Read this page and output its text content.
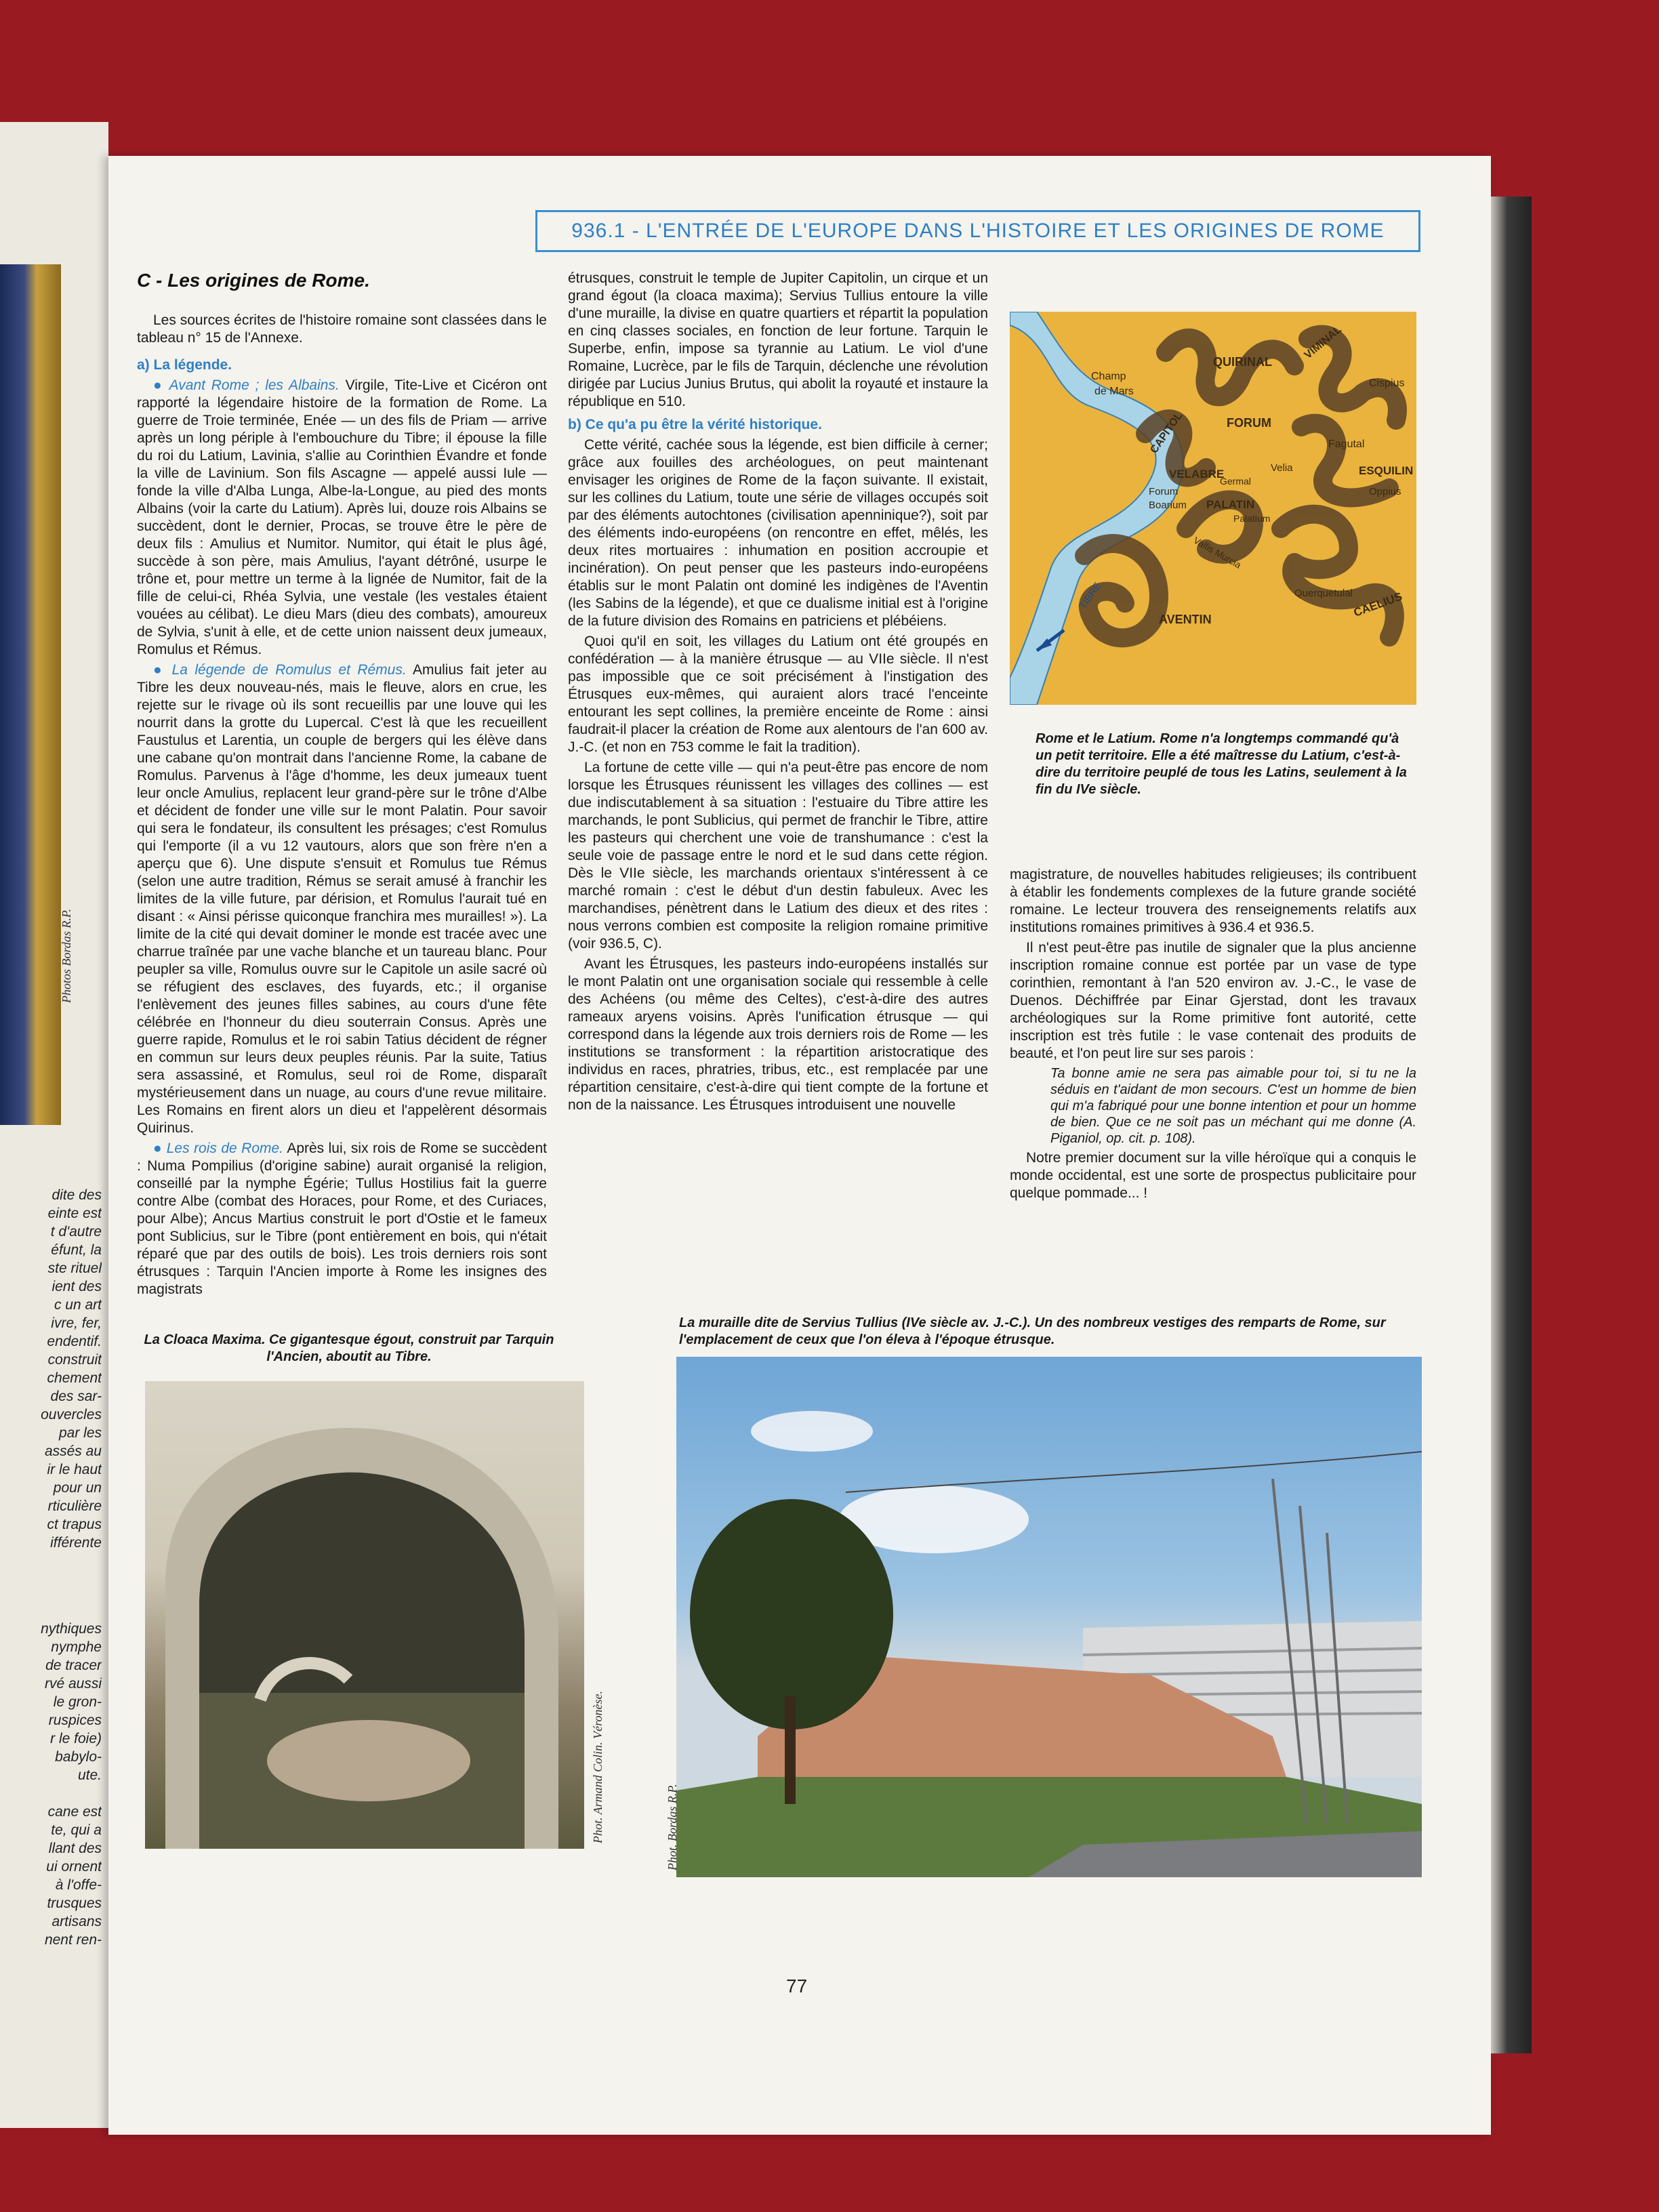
Photos Bordas R.P.
dite des
einte est
t d'autre
éfunt, la
ste rituel
ient des
c un art
ivre, fer,
endentif.
construit
chement
des sar-
ouvercles
par les
assés au
ir le haut
pour un
rticulière
ct trapus
ifférente
nythiques
nymphe
de tracer
rvé aussi
le gron-
ruspices
r le foie)
babylo-
ute.
cane est
te, qui a
llant des
ui ornent
à l'offe-
trusques
artisans
nent ren-
936.1 - L'ENTRÉE DE L'EUROPE DANS L'HISTOIRE ET LES ORIGINES DE ROME
C - Les origines de Rome.

Les sources écrites de l'histoire romaine sont classées dans le tableau n° 15 de l'Annexe.

a) La légende.

● Avant Rome ; les Albains. Virgile, Tite-Live et Cicéron ont rapporté la légendaire histoire de la formation de Rome. La guerre de Troie terminée, Enée — un des fils de Priam — arrive après un long périple à l'embouchure du Tibre; il épouse la fille du roi du Latium, Lavinia, s'allie au Corinthien Évandre et fonde la ville de Lavinium. Son fils Ascagne — appelé aussi Iule — fonde la ville d'Alba Lunga, Albe-la-Longue, au pied des monts Albains (voir la carte du Latium). Après lui, douze rois Albains se succèdent, dont le dernier, Procas, se trouve être le père de deux fils : Amulius et Numitor. Numitor, qui était le plus âgé, succède à son père, mais Amulius, l'ayant détrôné, usurpe le trône et, pour mettre un terme à la lignée de Numitor, fait de la fille de celui-ci, Rhéa Sylvia, une vestale (les vestales étaient vouées au célibat). Le dieu Mars (dieu des combats), amoureux de Sylvia, s'unit à elle, et de cette union naissent deux jumeaux, Romulus et Rémus.

● La légende de Romulus et Rémus. Amulius fait jeter au Tibre les deux nouveau-nés, mais le fleuve, alors en crue, les rejette sur le rivage où ils sont recueillis par une louve qui les nourrit dans la grotte du Lupercal. C'est là que les recueillent Faustulus et Larentia, un couple de bergers qui les élève dans une cabane qu'on montrait dans l'ancienne Rome, la cabane de Romulus. Parvenus à l'âge d'homme, les deux jumeaux tuent leur oncle Amulius, replacent leur grand-père sur le trône d'Albe et décident de fonder une ville sur le mont Palatin. Pour savoir qui sera le fondateur, ils consultent les présages; c'est Romulus qui l'emporte (il a vu 12 vautours, alors que son frère n'en a aperçu que 6). Une dispute s'ensuit et Romulus tue Rémus (selon une autre tradition, Rémus se serait amusé à franchir les limites de la ville future, par dérision, et Romulus l'aurait tué en disant : « Ainsi périsse quiconque franchira mes murailles! »). La limite de la cité qui devait dominer le monde est tracée avec une charrue traînée par une vache blanche et un taureau blanc. Pour peupler sa ville, Romulus ouvre sur le Capitole un asile sacré où se réfugient des esclaves, des fuyards, etc.; il organise l'enlèvement des jeunes filles sabines, au cours d'une fête célébrée en l'honneur du dieu souterrain Consus. Après une guerre rapide, Romulus et le roi sabin Tatius décident de régner en commun sur leurs deux peuples réunis. Par la suite, Tatius sera assassiné, et Romulus, seul roi de Rome, disparaît mystérieusement dans un nuage, au cours d'une revue militaire. Les Romains en firent alors un dieu et l'appelèrent désormais Quirinus.

● Les rois de Rome. Après lui, six rois de Rome se succèdent : Numa Pompilius (d'origine sabine) aurait organisé la religion, conseillé par la nymphe Égérie; Tullus Hostilius fait la guerre contre Albe (combat des Horaces, pour Rome, et des Curiaces, pour Albe); Ancus Martius construit le port d'Ostie et le fameux pont Sublicius, sur le Tibre (pont entièrement en bois, qui n'était réparé que par des outils de bois). Les trois derniers rois sont étrusques : Tarquin l'Ancien importe à Rome les insignes des magistrats

étrusques, construit le temple de Jupiter Capitolin, un cirque et un grand égout (la cloaca maxima); Servius Tullius entoure la ville d'une muraille, la divise en quatre quartiers et répartit la population en cinq classes sociales, en fonction de leur fortune. Tarquin le Superbe, enfin, impose sa tyrannie au Latium. Le viol d'une Romaine, Lucrèce, par le fils de Tarquin, déclenche une révolution dirigée par Lucius Junius Brutus, qui abolit la royauté et instaure la république en 510.

b) Ce qu'a pu être la vérité historique.

Cette vérité, cachée sous la légende, est bien difficile à cerner; grâce aux fouilles des archéologues, on peut maintenant envisager les origines de Rome de la façon suivante. Il existait, sur les collines du Latium, toute une série de villages occupés soit par des éléments autochtones (civilisation apenninique?), soit par des éléments indo-européens (on rencontre en effet, mêlés, les deux rites mortuaires : inhumation en position accroupie et incinération). On peut penser que les pasteurs indo-européens établis sur le mont Palatin ont dominé les indigènes de l'Aventin (les Sabins de la légende), et que ce dualisme initial est à l'origine de la future division des Romains en patriciens et plébéiens.

Quoi qu'il en soit, les villages du Latium ont été groupés en confédération — à la manière étrusque — au VIIe siècle. Il n'est pas impossible que ce soit précisément à l'instigation des Étrusques eux-mêmes, qui auraient alors tracé l'enceinte entourant les sept collines, la première enceinte de Rome : ainsi faudrait-il placer la création de Rome aux alentours de l'an 600 av. J.-C. (et non en 753 comme le fait la tradition).

La fortune de cette ville — qui n'a peut-être pas encore de nom lorsque les Étrusques réunissent les villages des collines — est due indiscutablement à sa situation : l'estuaire du Tibre attire les marchands, le pont Sublicius, qui permet de franchir le Tibre, attire les pasteurs qui cherchent une voie de transhumance : c'est la seule voie de passage entre le nord et le sud dans cette région. Dès le VIIe siècle, les marchands orientaux s'intéressent à ce marché romain : c'est le début d'un destin fabuleux. Avec les marchandises, pénètrent dans le Latium des dieux et des rites : nous verrons combien est composite la religion romaine primitive (voir 936.5, C).

Avant les Étrusques, les pasteurs indo-européens installés sur le mont Palatin ont une organisation sociale qui ressemble à celle des Achéens (ou même des Celtes), c'est-à-dire des autres rameaux aryens voisins. Après l'unification étrusque — qui correspond dans la légende aux trois derniers rois de Rome — les institutions se transforment : la répartition aristocratique des individus en races, phratries, tribus, etc., est remplacée par une répartition censitaire, c'est-à-dire qui tient compte de la fortune et non de la naissance. Les Étrusques introduisent une nouvelle

Champ
de Mars
QUIRINAL
VIMINAL
Cispius
CAPITOL	FORUM
VELABRE
Fagutal
ESQUILIN
Velia
Oppius
Forum
Boarium
Germal
PALATIN
Palatium
Vallis Murcia
TIBRE	Querquetulal
CAELIUS
AVENTIN
Rome et le Latium. Rome n'a longtemps commandé qu'à un petit territoire. Elle a été maîtresse du Latium, c'est-à-dire du territoire peuplé de tous les Latins, seulement à la fin du IVe siècle.

magistrature, de nouvelles habitudes religieuses; ils contribuent à établir les fondements complexes de la future grande société romaine. Le lecteur trouvera des renseignements relatifs aux institutions romaines primitives à 936.4 et 936.5.

Il n'est peut-être pas inutile de signaler que la plus ancienne inscription romaine connue est portée par un vase de type corinthien, remontant à l'an 520 environ av. J.-C., le vase de Duenos. Déchiffrée par Einar Gjerstad, dont les travaux archéologiques sur la Rome primitive font autorité, cette inscription est très futile : le vase contenait des produits de beauté, et l'on peut lire sur ses parois :

Ta bonne amie ne sera pas aimable pour toi, si tu ne la séduis en t'aidant de mon secours. C'est un homme de bien qui m'a fabriqué pour une bonne intention et pour un homme de bien. Que ce ne soit pas un méchant qui me donne (A. Piganiol, op. cit. p. 108).

Notre premier document sur la ville héroïque qui a conquis le monde occidental, est une sorte de prospectus publicitaire pour quelque pommade... !

La Cloaca Maxima. Ce gigantesque égout, construit par Tarquin l'Ancien, aboutit au Tibre.
Phot. Armand Colin. Véronèse.
La muraille dite de Servius Tullius (IVe siècle av. J.-C.). Un des nombreux vestiges des remparts de Rome, sur l'emplacement de ceux que l'on éleva à l'époque étrusque.
Phot. Bordas R.P.
77
